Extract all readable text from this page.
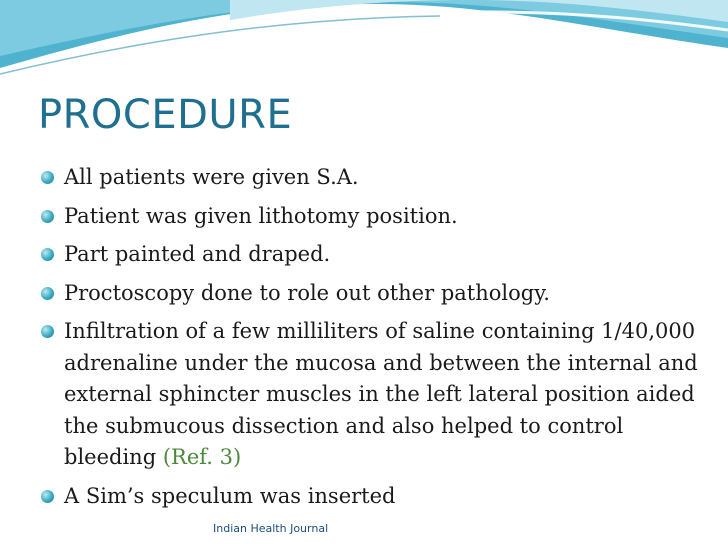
PROCEDURE
All patients were given S.A.
Patient was given lithotomy position.
Part painted and draped.
Proctoscopy done to role out other pathology.
Infiltration of a few milliliters of saline containing 1/40,000 adrenaline under the mucosa and between the internal and external sphincter muscles in the left lateral position aided the submucous dissection and also helped to control bleeding (Ref. 3)
A Sim’s speculum was inserted
Indian Health Journal
